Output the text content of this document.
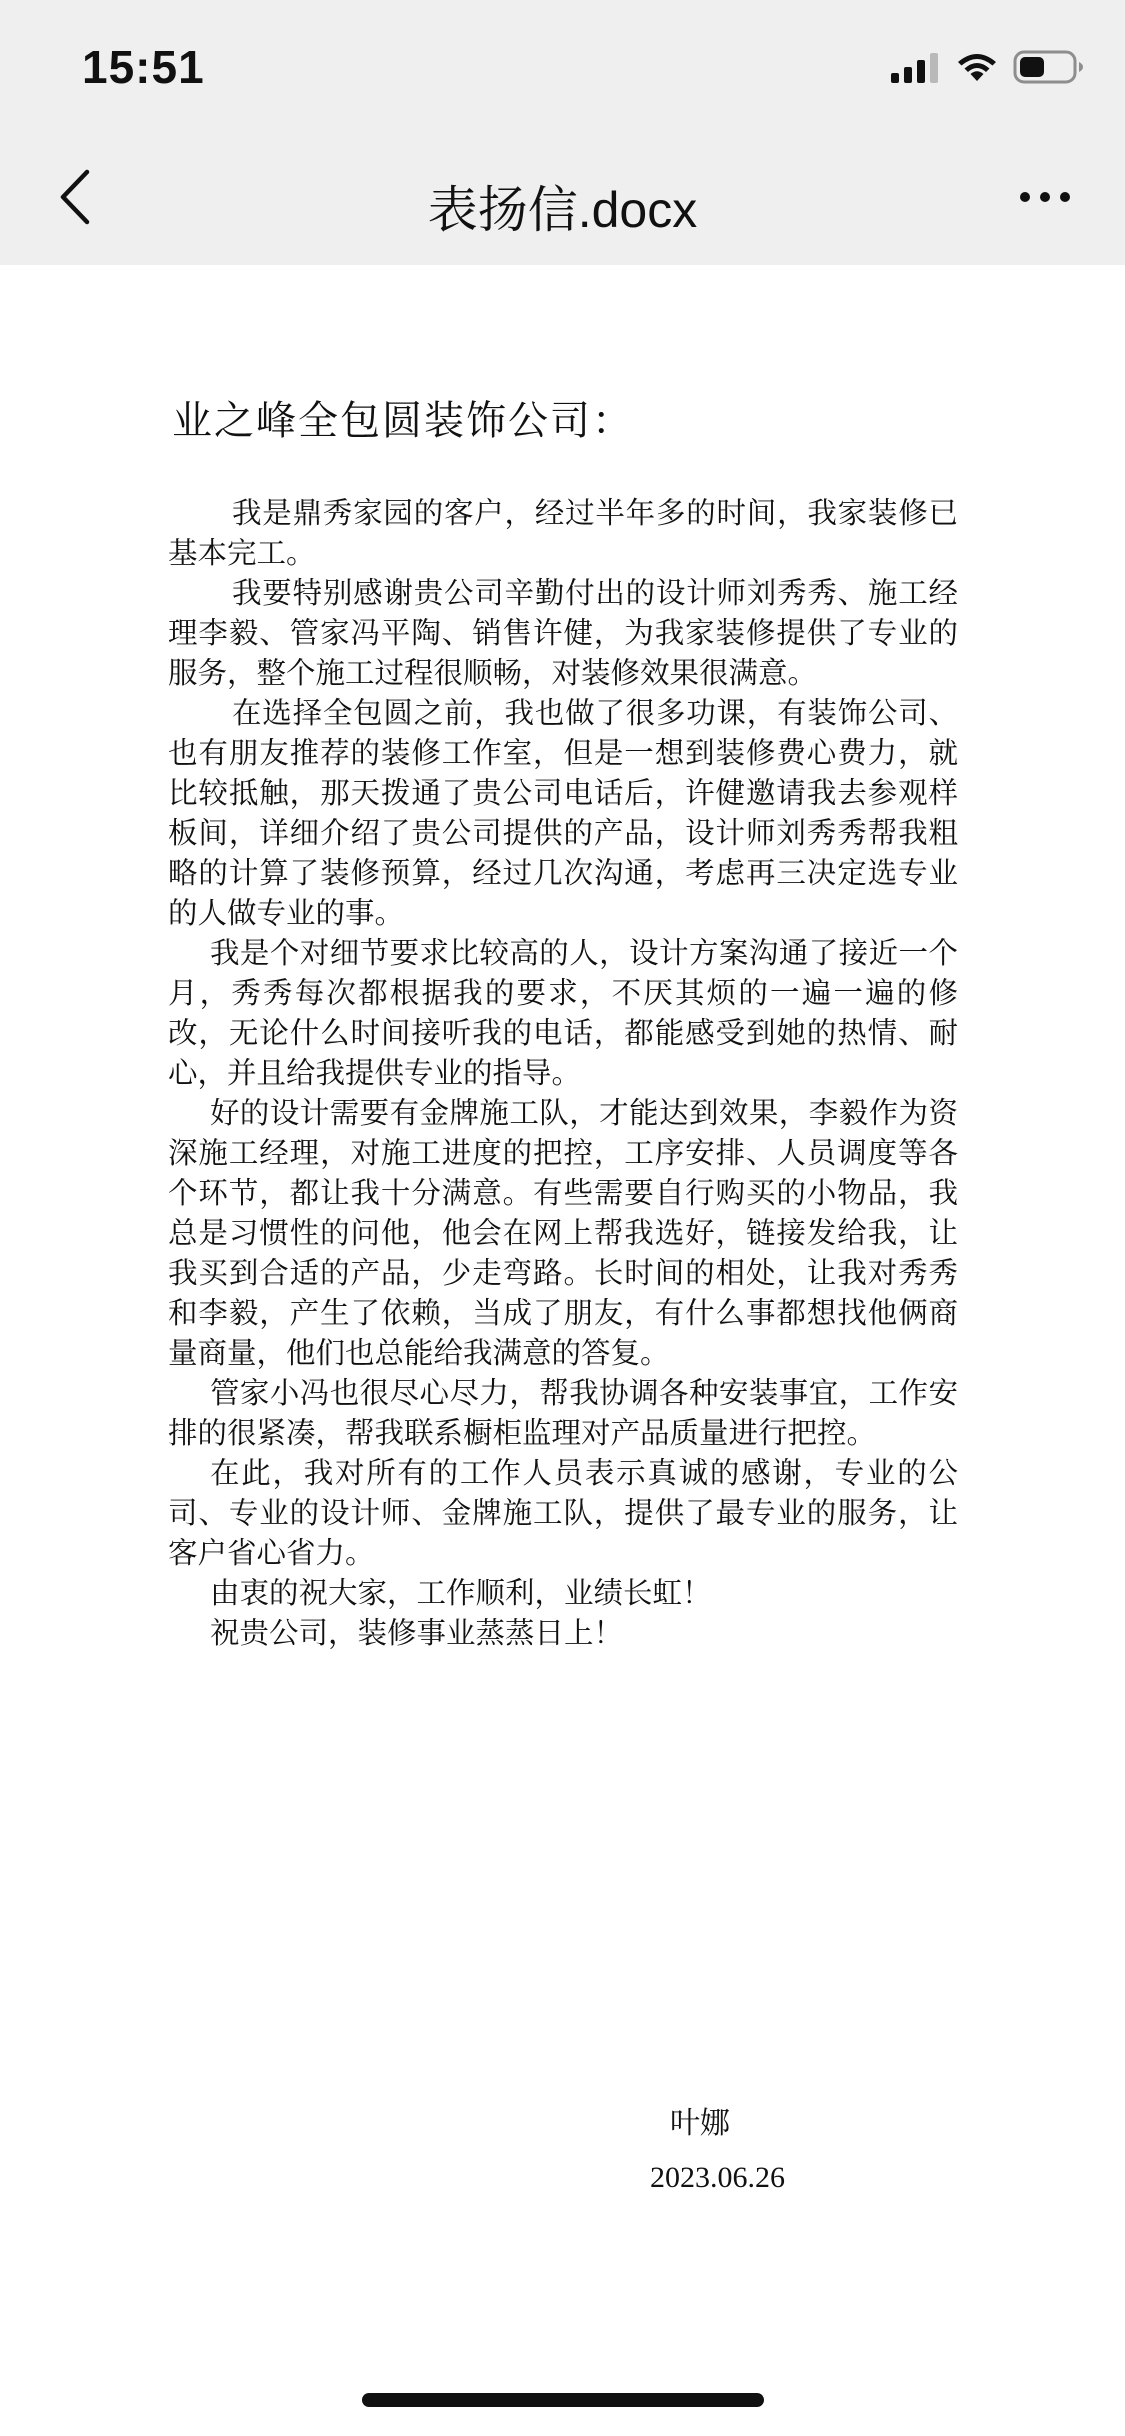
15:51
表扬信.docx
业之峰全包圆装饰公司：

我是鼎秀家园的客户，经过半年多的时间，我家装修已基本完工。

我要特别感谢贵公司辛勤付出的设计师刘秀秀、施工经理李毅、管家冯平陶、销售许健，为我家装修提供了专业的服务，整个施工过程很顺畅，对装修效果很满意。

在选择全包圆之前，我也做了很多功课，有装饰公司、也有朋友推荐的装修工作室，但是一想到装修费心费力，就比较抵触，那天拨通了贵公司电话后，许健邀请我去参观样板间，详细介绍了贵公司提供的产品，设计师刘秀秀帮我粗略的计算了装修预算，经过几次沟通，考虑再三决定选专业的人做专业的事。

我是个对细节要求比较高的人，设计方案沟通了接近一个月，秀秀每次都根据我的要求，不厌其烦的一遍一遍的修改，无论什么时间接听我的电话，都能感受到她的热情、耐心，并且给我提供专业的指导。

好的设计需要有金牌施工队，才能达到效果，李毅作为资深施工经理，对施工进度的把控，工序安排、人员调度等各个环节，都让我十分满意。有些需要自行购买的小物品，我总是习惯性的问他，他会在网上帮我选好，链接发给我，让我买到合适的产品，少走弯路。长时间的相处，让我对秀秀和李毅，产生了依赖，当成了朋友，有什么事都想找他俩商量商量，他们也总能给我满意的答复。

管家小冯也很尽心尽力，帮我协调各种安装事宜，工作安排的很紧凑，帮我联系橱柜监理对产品质量进行把控。

在此，我对所有的工作人员表示真诚的感谢，专业的公司、专业的设计师、金牌施工队，提供了最专业的服务，让客户省心省力。

由衷的祝大家，工作顺利，业绩长虹！

祝贵公司，装修事业蒸蒸日上！

叶娜
2023.06.26
